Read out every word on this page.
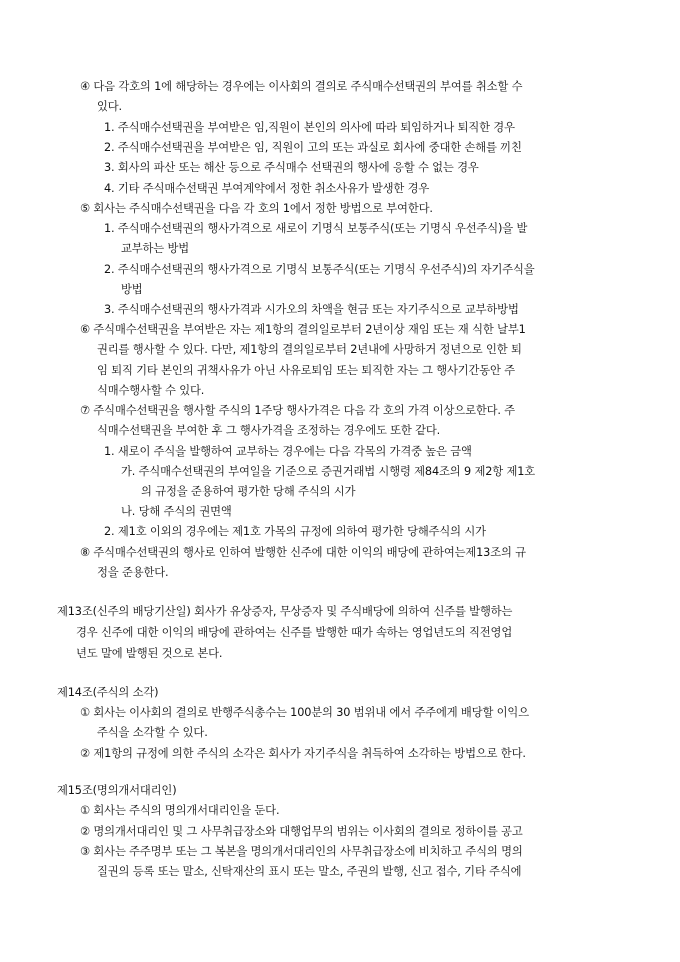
④ 다음 각호의 1에 해당하는 경우에는 이사회의 결의로 주식매수선택권의 부여를 취소할 수
있다.
1. 주식매수선택권을 부여받은 임,직원이 본인의 의사에 따라 퇴임하거나 퇴직한 경우
2. 주식매수선택권을 부여받은 임, 직원이 고의 또는 과실로 회사에 중대한 손해를 끼친
3. 회사의 파산 또는 해산 등으로 주식매수 선택권의 행사에 응할 수 없는 경우
4. 기타 주식매수선택권 부여계약에서 정한 취소사유가 발생한 경우
⑤ 회사는 주식매수선택권을 다음 각 호의 1에서 정한 방법으로 부여한다.
1. 주식매수선택권의 행사가격으로 새로이 기명식 보통주식(또는 기명식 우선주식)을 발
교부하는 방법
2. 주식매수선택권의 행사가격으로 기명식 보통주식(또는 기명식 우선주식)의 자기주식을
방법
3. 주식매수선택권의 행사가격과 시가오의 차액을 현금 또는 자기주식으로 교부하방법
⑥ 주식매수선택권을 부여받은 자는 제1항의 결의일로부터 2년이상 재임 또는 재 식한 날부1
권리를 행사할 수 있다. 다만, 제1항의 결의일로부터 2년내에 사망하거 정년으로 인한 퇴
임 퇴직 기타 본인의 귀책사유가 아닌 사유로퇴임 또는 퇴직한 자는 그 행사기간동안 주
식매수행사할 수 있다.
⑦ 주식매수선택권을 행사할 주식의 1주당 행사가격은 다음 각 호의 가격 이상으로한다. 주
식매수선택권을 부여한 후 그 행사가격을 조정하는 경우에도 또한 같다.
1. 새로이 주식을 발행하여 교부하는 경우에는 다음 각목의 가격중 높은 금액
가. 주식매수선택권의 부여일을 기준으로 증권거래법 시행령 제84조의 9 제2항 제1호
의 규정을 준용하여 평가한 당해 주식의 시가
나. 당해 주식의 권면액
2. 제1호 이외의 경우에는 제1호 가목의 규정에 의하여 평가한 당해주식의 시가
⑧ 주식매수선택권의 행사로 인하여 발행한 신주에 대한 이익의 배당에 관하여는제13조의 규
정을 준용한다.
제13조(신주의 배당기산일) 회사가 유상증자, 무상증자 및 주식배당에 의하여 신주를 발행하는
경우 신주에 대한 이익의 배당에 관하여는 신주를 발행한 때가 속하는 영업년도의 직전영업
년도 말에 발행된 것으로 본다.
제14조(주식의 소각)
① 회사는 이사회의 결의로 반행주식총수는 100분의 30 범위내 에서 주주에게 배당할 이익으
주식을 소각할 수 있다.
② 제1항의 규정에 의한 주식의 소각은 회사가 자기주식을 취득하여 소각하는 방법으로 한다.
제15조(명의개서대리인)
① 회사는 주식의 명의개서대리인을 둔다.
② 명의개서대리인 및 그 사무취급장소와 대행업무의 범위는 이사회의 결의로 정하이를 공고
③ 회사는 주주명부 또는 그 복본을 명의개서대리인의 사무취급장소에 비치하고 주식의 명의
질권의 등록 또는 말소, 신탁재산의 표시 또는 말소, 주권의 발행, 신고 접수, 기타 주식에
